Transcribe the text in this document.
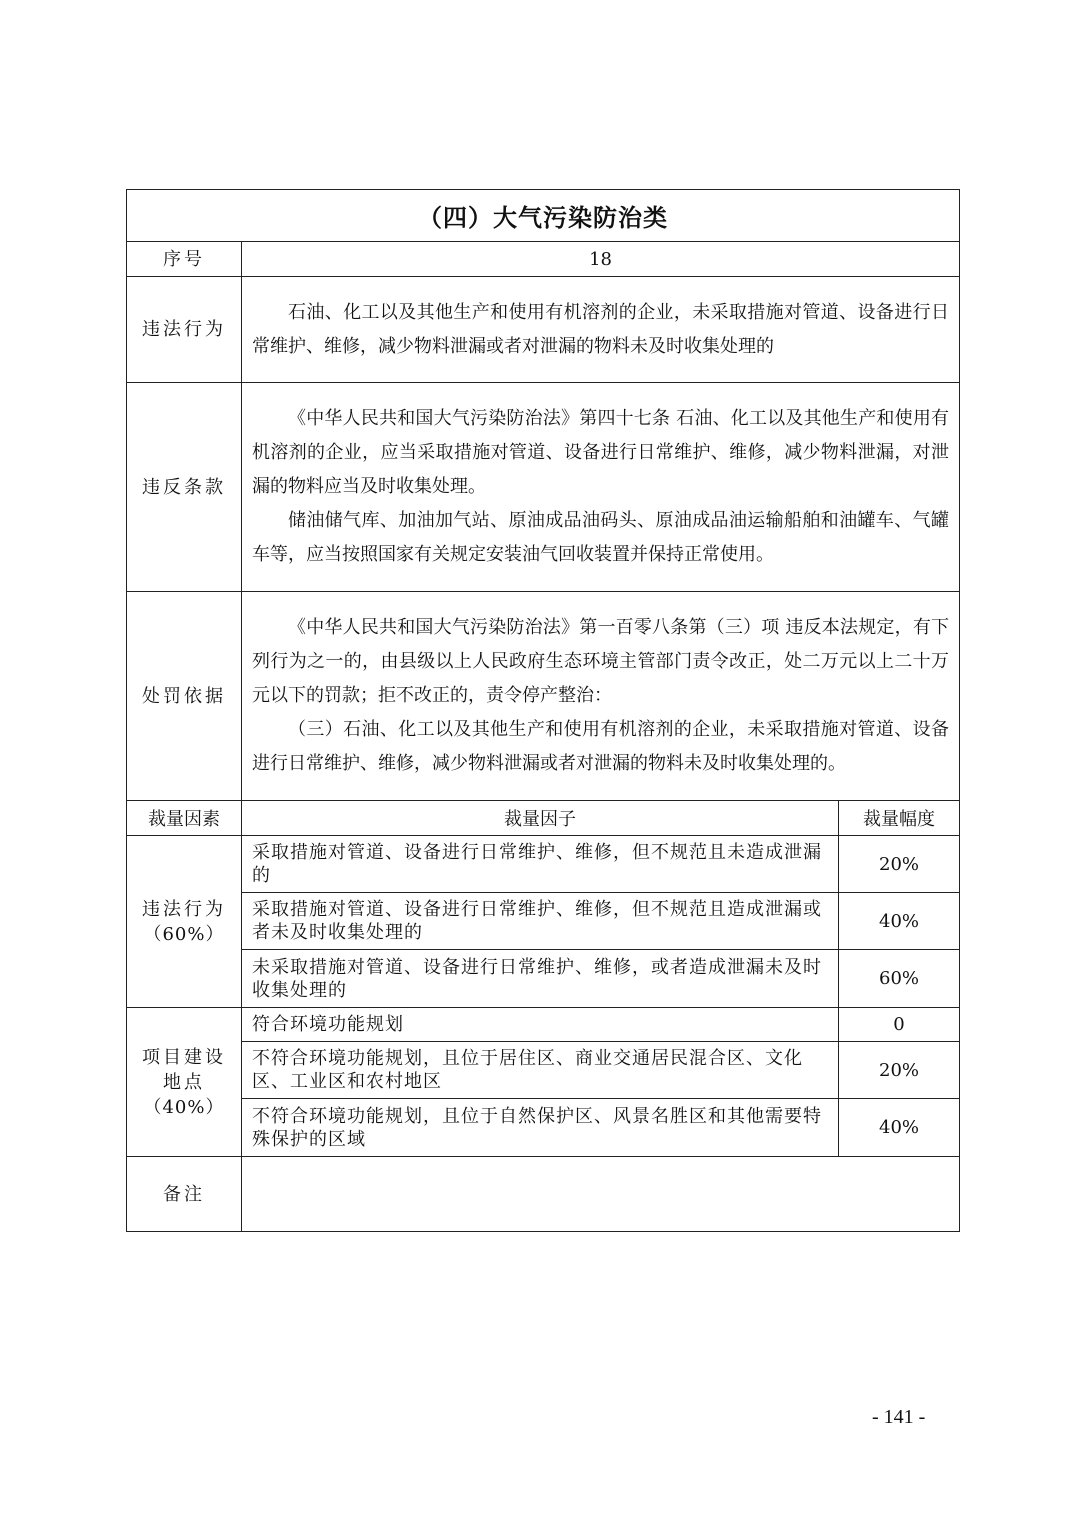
（四）大气污染防治类		
序号	18	
违法行为	石油、化工以及其他生产和使用有机溶剂的企业，未采取措施对管道、设备进行日常维护、维修，减少物料泄漏或者对泄漏的物料未及时收集处理的	

违反条款	《中华人民共和国大气污染防治法》第四十七条 石油、化工以及其他生产和使用有机溶剂的企业，应当采取措施对管道、设备进行日常维护、维修，减少物料泄漏，对泄漏的物料应当及时收集处理。

储油储气库、加油加气站、原油成品油码头、原油成品油运输船舶和油罐车、气罐车等，应当按照国家有关规定安装油气回收装置并保持正常使用。	

处罚依据	《中华人民共和国大气污染防治法》第一百零八条第（三）项 违反本法规定，有下列行为之一的，由县级以上人民政府生态环境主管部门责令改正，处二万元以上二十万元以下的罚款；拒不改正的，责令停产整治：

（三）石油、化工以及其他生产和使用有机溶剂的企业，未采取措施对管道、设备进行日常维护、维修，减少物料泄漏或者对泄漏的物料未及时收集处理的。	

裁量因素	裁量因子	裁量幅度

违法行为
（60%）	采取措施对管道、设备进行日常维护、维修，但不规范且未造成泄漏的	20%
	采取措施对管道、设备进行日常维护、维修，但不规范且造成泄漏或者未及时收集处理的	40%
	未采取措施对管道、设备进行日常维护、维修，或者造成泄漏未及时收集处理的	60%

项目建设
地点
（40%）	符合环境功能规划	0
	不符合环境功能规划，且位于居住区、商业交通居民混合区、文化区、工业区和农村地区	20%
	不符合环境功能规划，且位于自然保护区、风景名胜区和其他需要特殊保护的区域	40%
备注		
- 141 -
